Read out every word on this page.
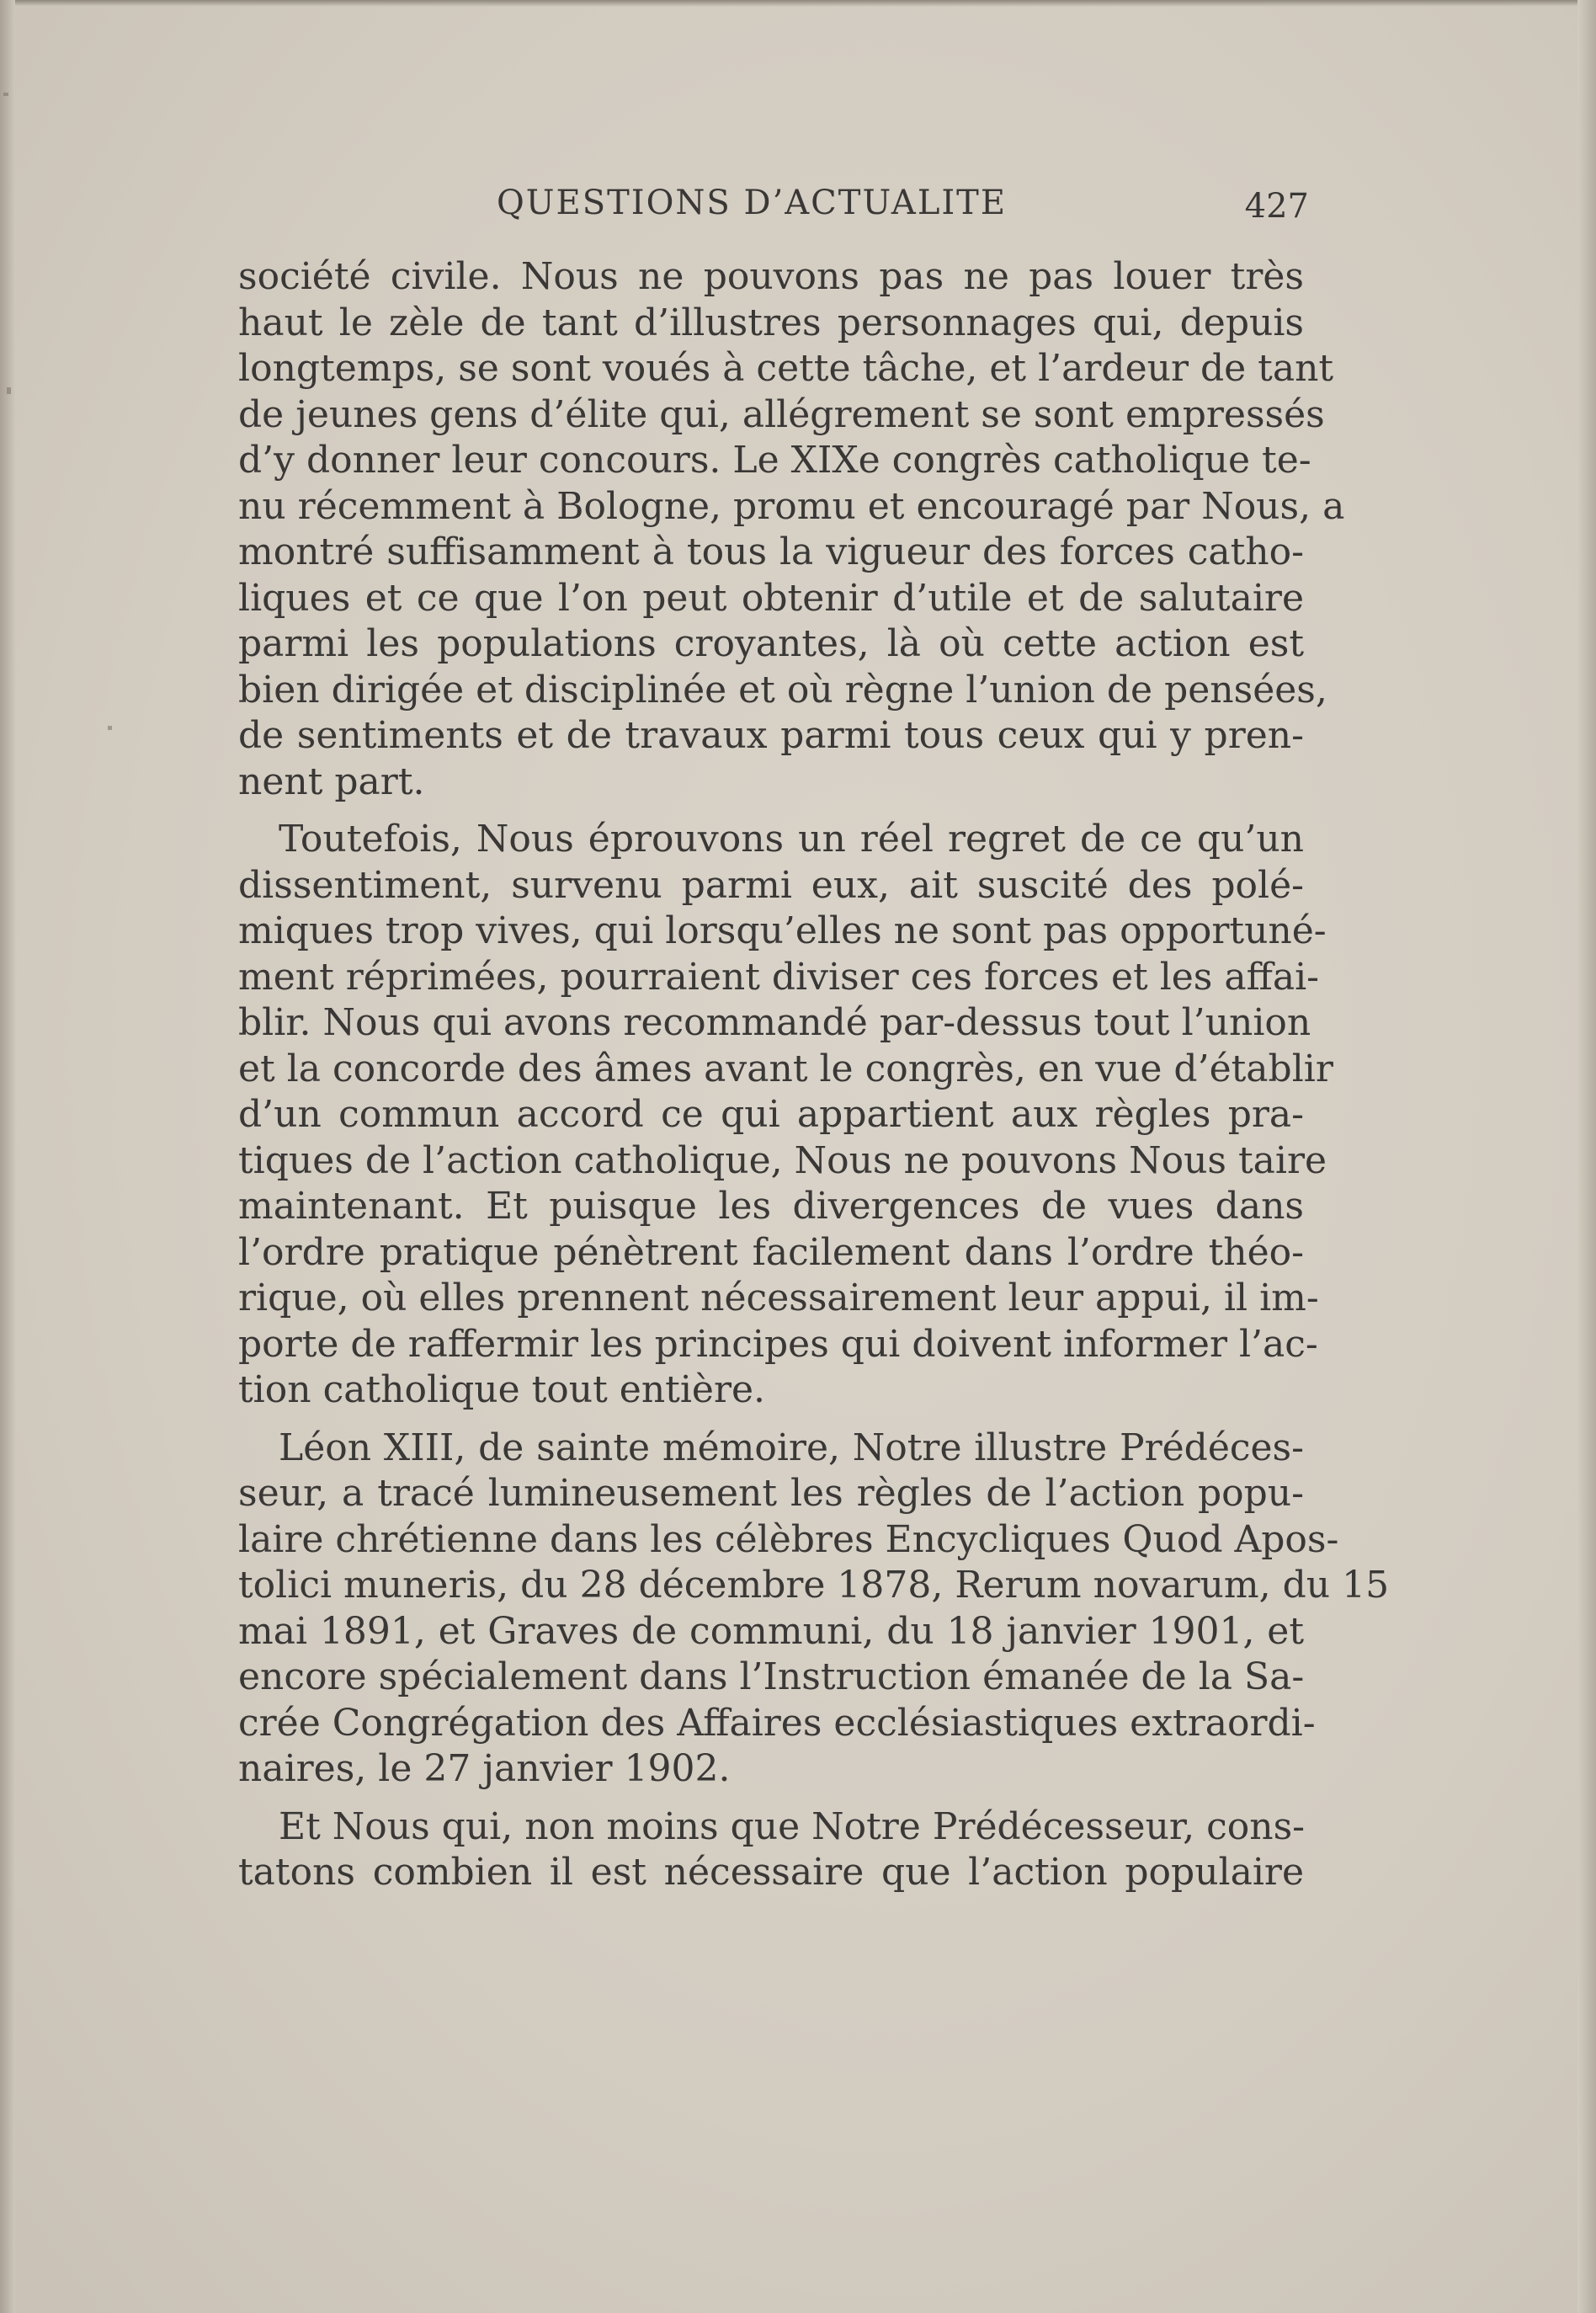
QUESTIONS D’ACTUALITE	427
société civile. Nous ne pouvons pas ne pas louer très
haut le zèle de tant d’illustres personnages qui, depuis
longtemps, se sont voués à cette tâche, et l’ardeur de tant
de jeunes gens d’élite qui, allégrement se sont empressés
d’y donner leur concours. Le XIXe congrès catholique te-
nu récemment à Bologne, promu et encouragé par Nous, a
montré suffisamment à tous la vigueur des forces catho-
liques et ce que l’on peut obtenir d’utile et de salutaire
parmi les populations croyantes, là où cette action est
bien dirigée et disciplinée et où règne l’union de pensées,
de sentiments et de travaux parmi tous ceux qui y pren-
nent part.
Toutefois, Nous éprouvons un réel regret de ce qu’un
dissentiment, survenu parmi eux, ait suscité des polé-
miques trop vives, qui lorsqu’elles ne sont pas opportuné-
ment réprimées, pourraient diviser ces forces et les affai-
blir. Nous qui avons recommandé par-dessus tout l’union
et la concorde des âmes avant le congrès, en vue d’établir
d’un commun accord ce qui appartient aux règles pra-
tiques de l’action catholique, Nous ne pouvons Nous taire
maintenant. Et puisque les divergences de vues dans
l’ordre pratique pénètrent facilement dans l’ordre théo-
rique, où elles prennent nécessairement leur appui, il im-
porte de raffermir les principes qui doivent informer l’ac-
tion catholique tout entière.
Léon XIII, de sainte mémoire, Notre illustre Prédéces-
seur, a tracé lumineusement les règles de l’action popu-
laire chrétienne dans les célèbres Encycliques Quod Apos-
tolici muneris, du 28 décembre 1878, Rerum novarum, du 15
mai 1891, et Graves de communi, du 18 janvier 1901, et
encore spécialement dans l’Instruction émanée de la Sa-
crée Congrégation des Affaires ecclésiastiques extraordi-
naires, le 27 janvier 1902.
Et Nous qui, non moins que Notre Prédécesseur, cons-
tatons combien il est nécessaire que l’action populaire
